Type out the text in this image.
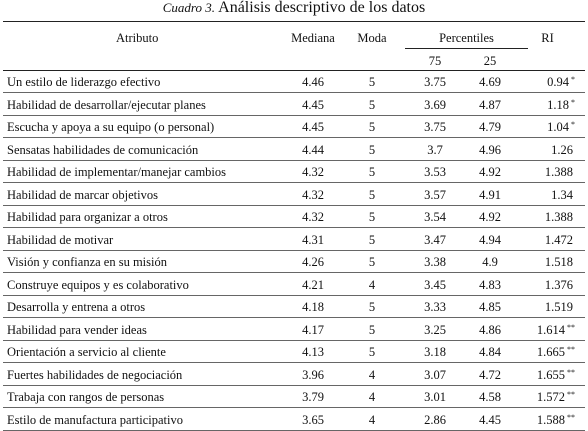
Cuadro 3. Análisis descriptivo de los datos
Atributo	Mediana	Moda	Percentiles	RI
75	25
Un estilo de liderazgo efectivo	4.46	5	3.75	4.69	0.94 *
Habilidad de desarrollar/ejecutar planes	4.45	5	3.69	4.87	1.18 *
Escucha y apoya a su equipo (o personal)	4.45	5	3.75	4.79	1.04 *
Sensatas habilidades de comunicación	4.44	5	3.7	4.96	1.26
Habilidad de implementar/manejar cambios	4.32	5	3.53	4.92	1.388
Habilidad de marcar objetivos	4.32	5	3.57	4.91	1.34
Habilidad para organizar a otros	4.32	5	3.54	4.92	1.388
Habilidad de motivar	4.31	5	3.47	4.94	1.472
Visión y confianza en su misión	4.26	5	3.38	4.9	1.518
Construye equipos y es colaborativo	4.21	4	3.45	4.83	1.376
Desarrolla y entrena a otros	4.18	5	3.33	4.85	1.519
Habilidad para vender ideas	4.17	5	3.25	4.86	1.614 **
Orientación a servicio al cliente	4.13	5	3.18	4.84	1.665 **
Fuertes habilidades de negociación	3.96	4	3.07	4.72	1.655 **
Trabaja con rangos de personas	3.79	4	3.01	4.58	1.572 **
Estilo de manufactura participativo	3.65	4	2.86	4.45	1.588 **
